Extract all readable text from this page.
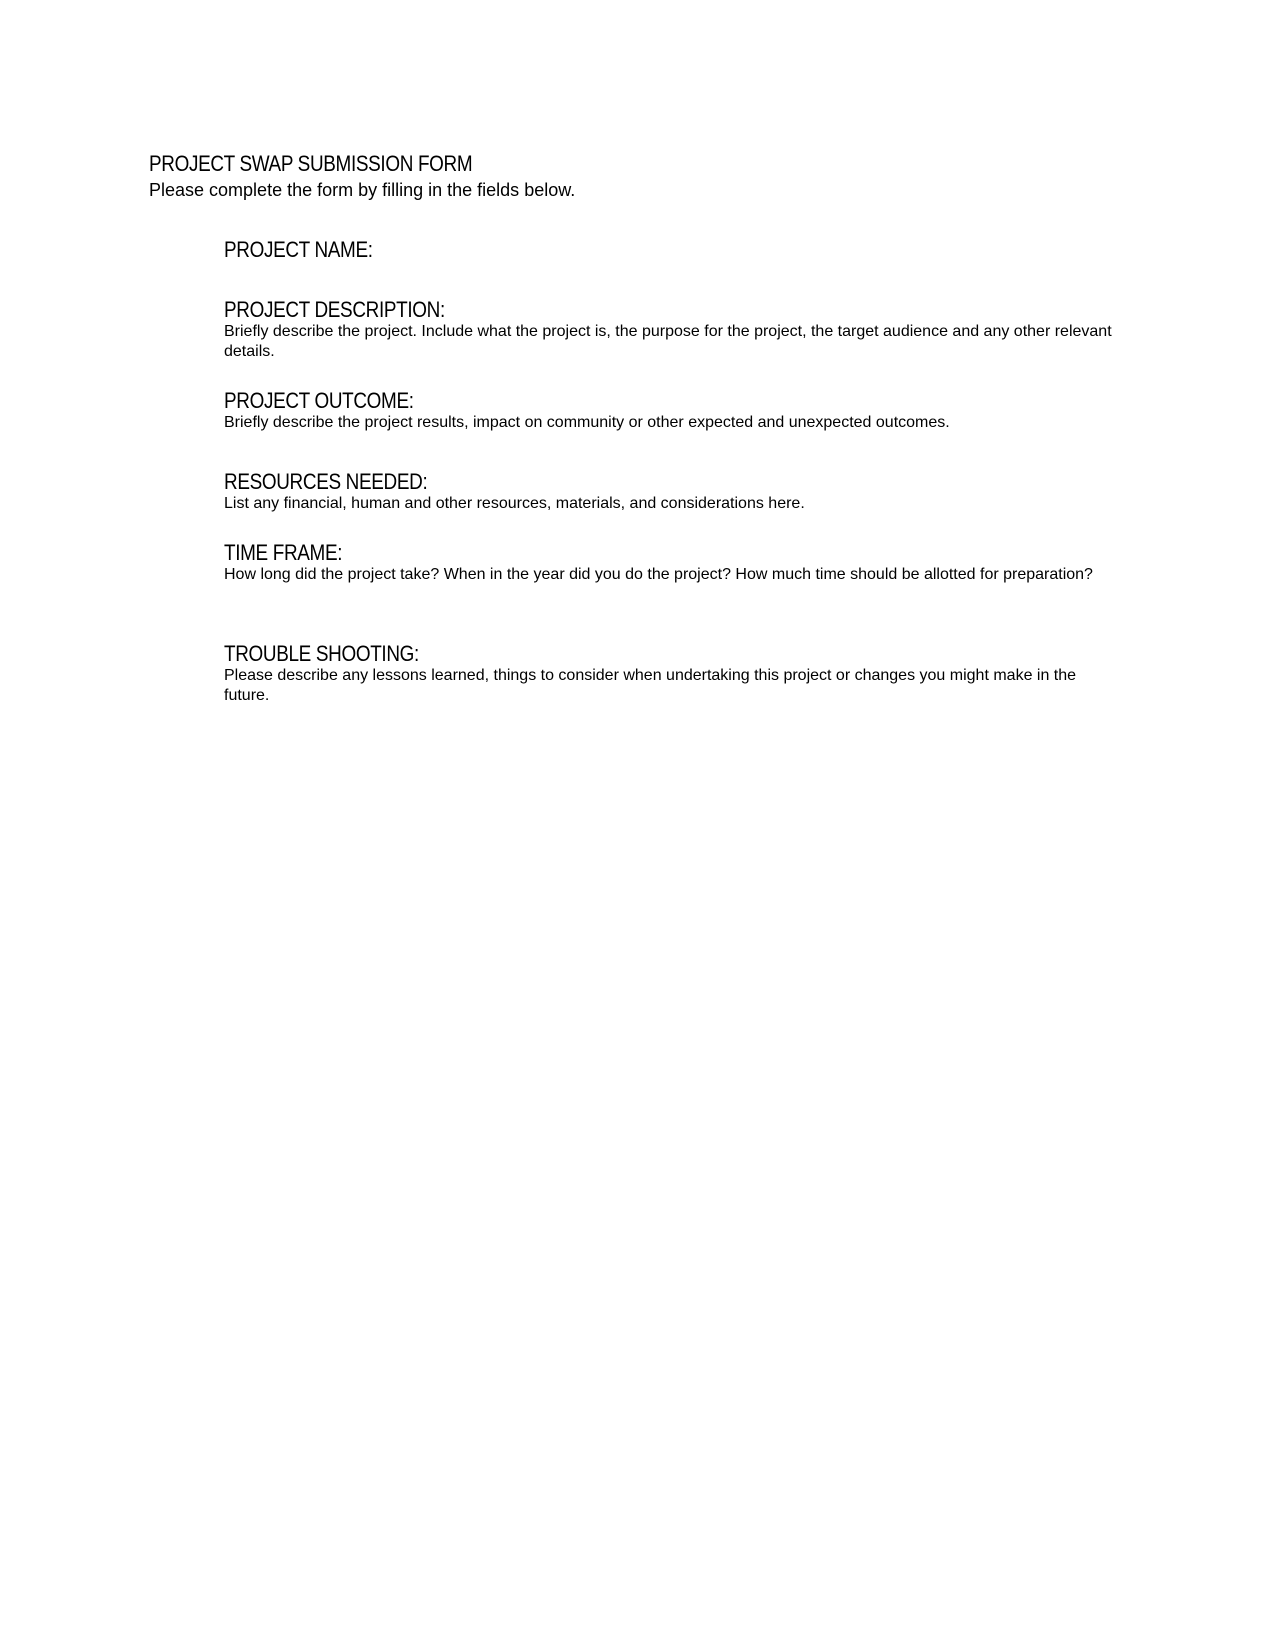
PROJECT SWAP SUBMISSION FORM
Please complete the form by filling in the fields below.
PROJECT NAME:
PROJECT DESCRIPTION:

Briefly describe the project. Include what the project is, the purpose for the project, the target audience and any other relevant details.

PROJECT OUTCOME:

Briefly describe the project results, impact on community or other expected and unexpected outcomes.

RESOURCES NEEDED:

List any financial, human and other resources, materials, and considerations here.

TIME FRAME:

How long did the project take? When in the year did you do the project? How much time should be allotted for preparation?

TROUBLE SHOOTING:

Please describe any lessons learned, things to consider when undertaking this project or changes you might make in the future.
